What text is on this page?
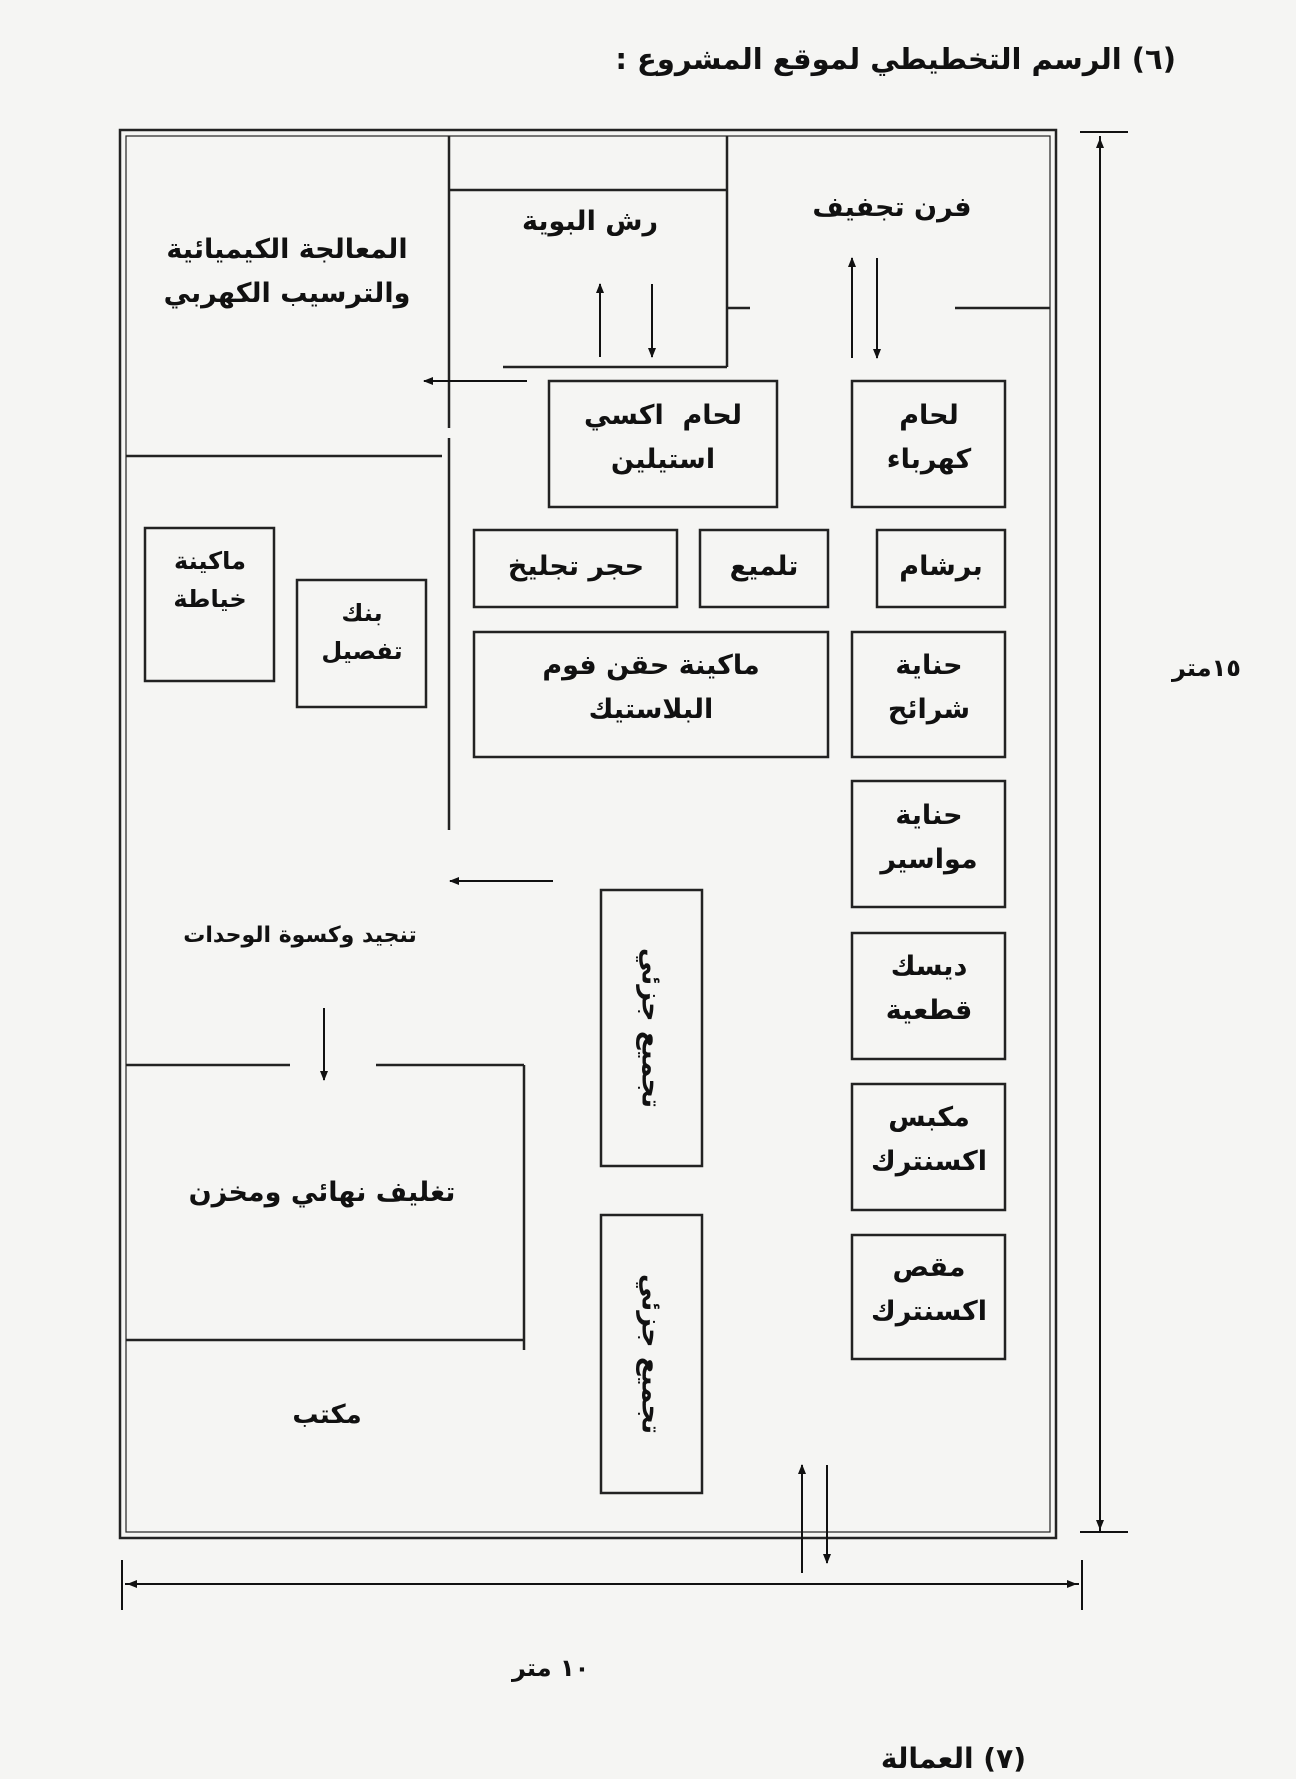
(٦) الرسم التخطيطي لموقع المشروع :
المعالجة الكيميائية
والترسيب الكهربي
رش البوية	فرن تجفيف
لحام  اكسي
استيلين
لحام
كهرباء
ماكينة
خياطة	بنك
تفصيل
حجر تجليخ	تلميع	برشام
ماكينة حقن فوم
البلاستيك
حناية
شرائح
حناية
مواسير
ديسك
قطعية
مكبس
اكسنترك
مقص
اكسنترك
تجميع جزئي
تجميع جزئي
تنجيد وكسوة الوحدات
تغليف نهائي ومخزن
مكتب
١٥متر
١٠ متر
(٧) العمالة
